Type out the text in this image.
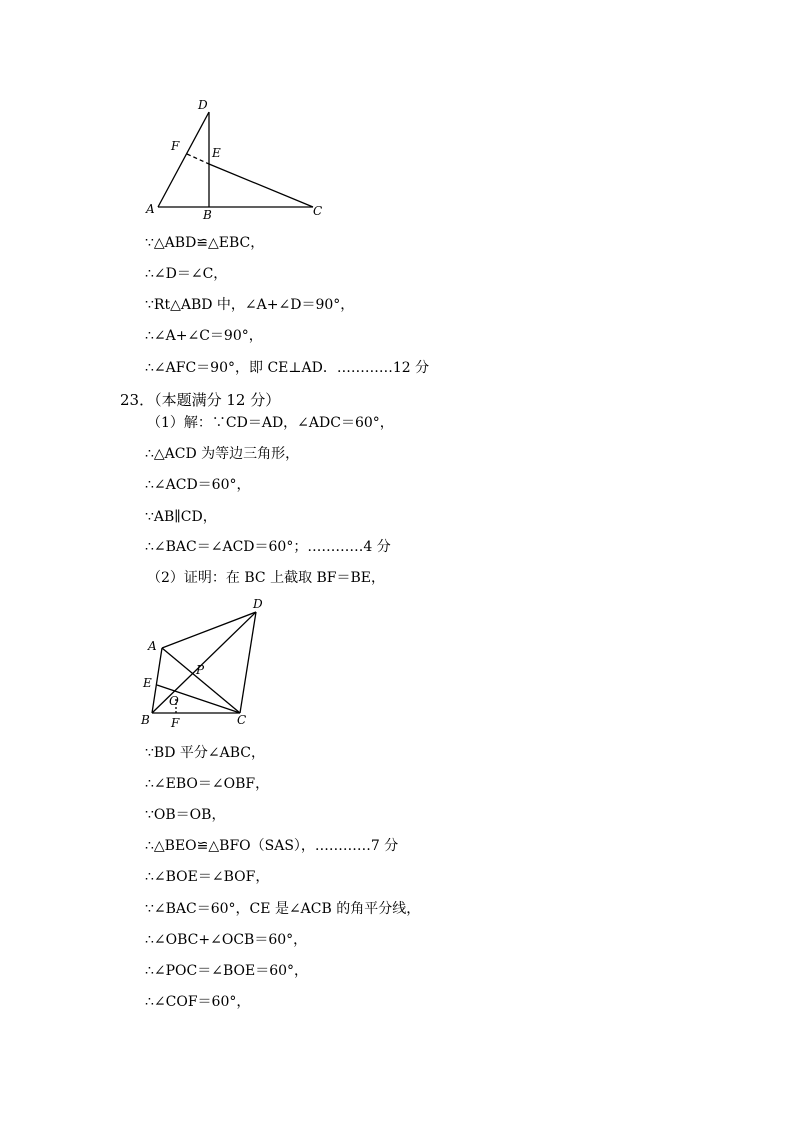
D
F	E
A	B	C
∵△ABD≌△EBC，
∴∠D＝∠C，
∵Rt△ABD 中，∠A+∠D＝90°，
∴∠A+∠C＝90°，
∴∠AFC＝90°，即 CE⊥AD．…………12 分
23．（本题满分 12 分）
（1）解：∵CD＝AD，∠ADC＝60°，
∴△ACD 为等边三角形，
∴∠ACD＝60°，
∵AB∥CD，
∴∠BAC＝∠ACD＝60°；…………4 分
（2）证明：在 BC 上截取 BF＝BE，
D
A
P
E
O
B F	C
∵BD 平分∠ABC，
∴∠EBO＝∠OBF，
∵OB＝OB，
∴△BEO≌△BFO（SAS），…………7 分
∴∠BOE＝∠BOF，
∵∠BAC＝60°，CE 是∠ACB 的角平分线，
∴∠OBC+∠OCB＝60°，
∴∠POC＝∠BOE＝60°，
∴∠COF＝60°，
